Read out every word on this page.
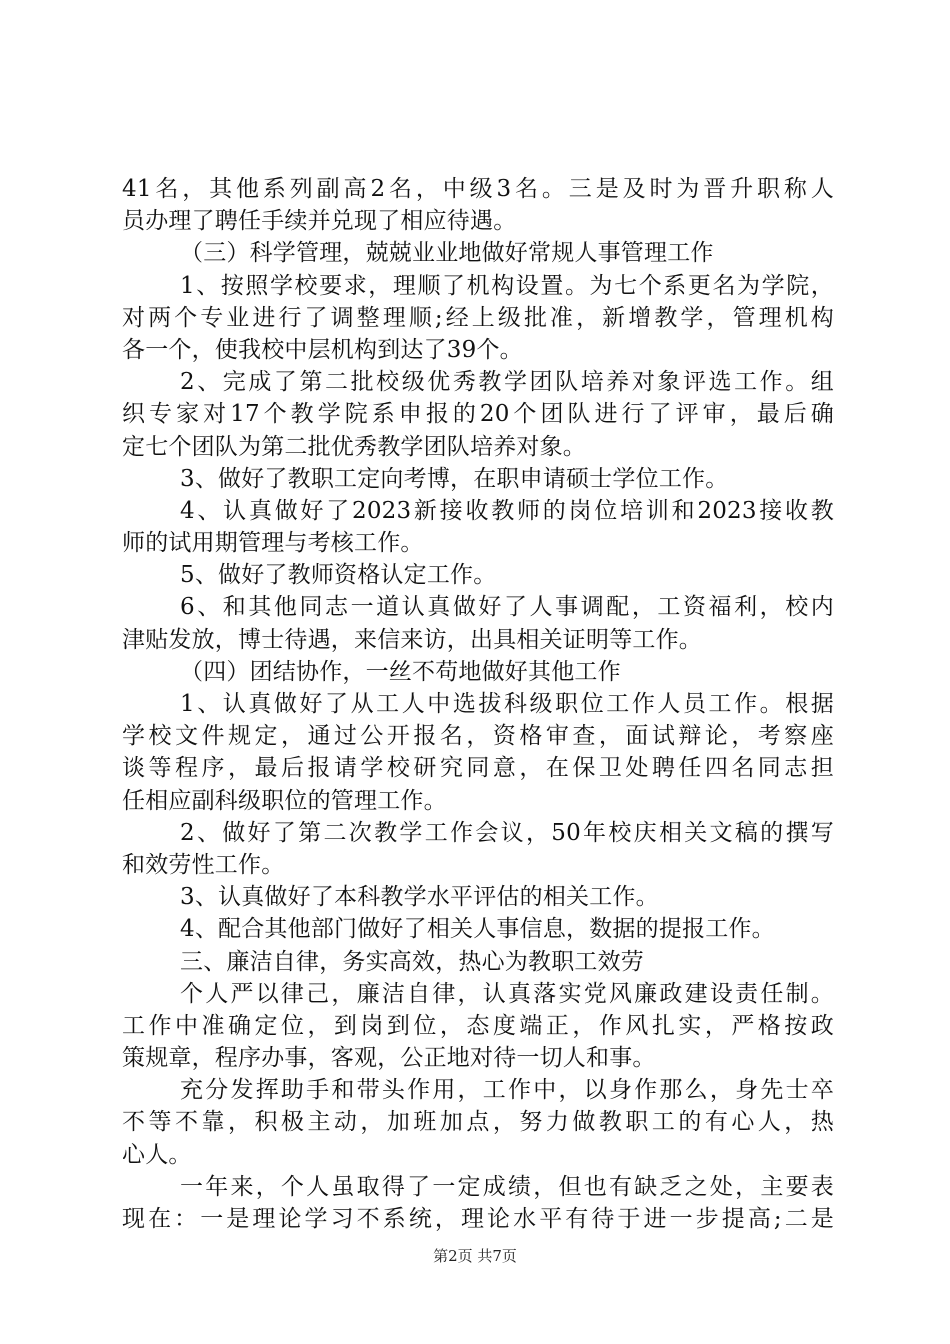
41名，其他系列副高2名，中级3名。三是及时为晋升职称人
员办理了聘任手续并兑现了相应待遇。
（三）科学管理，兢兢业业地做好常规人事管理工作
1、按照学校要求，理顺了机构设置。为七个系更名为学院，
对两个专业进行了调整理顺;经上级批准，新增教学，管理机构
各一个，使我校中层机构到达了39个。
2、完成了第二批校级优秀教学团队培养对象评选工作。组
织专家对17个教学院系申报的20个团队进行了评审，最后确
定七个团队为第二批优秀教学团队培养对象。
3、做好了教职工定向考博，在职申请硕士学位工作。
4、认真做好了2023新接收教师的岗位培训和2023接收教
师的试用期管理与考核工作。
5、做好了教师资格认定工作。
6、和其他同志一道认真做好了人事调配，工资福利，校内
津贴发放，博士待遇，来信来访，出具相关证明等工作。
（四）团结协作，一丝不苟地做好其他工作
1、认真做好了从工人中选拔科级职位工作人员工作。根据
学校文件规定，通过公开报名，资格审查，面试辩论，考察座
谈等程序，最后报请学校研究同意，在保卫处聘任四名同志担
任相应副科级职位的管理工作。
2、做好了第二次教学工作会议，50年校庆相关文稿的撰写
和效劳性工作。
3、认真做好了本科教学水平评估的相关工作。
4、配合其他部门做好了相关人事信息，数据的提报工作。
三、廉洁自律，务实高效，热心为教职工效劳
个人严以律己，廉洁自律，认真落实党风廉政建设责任制。
工作中准确定位，到岗到位，态度端正，作风扎实，严格按政
策规章，程序办事，客观，公正地对待一切人和事。
充分发挥助手和带头作用，工作中，以身作那么，身先士卒
不等不靠，积极主动，加班加点，努力做教职工的有心人，热
心人。
一年来，个人虽取得了一定成绩，但也有缺乏之处，主要表
现在：一是理论学习不系统，理论水平有待于进一步提高;二是
第2页 共7页
